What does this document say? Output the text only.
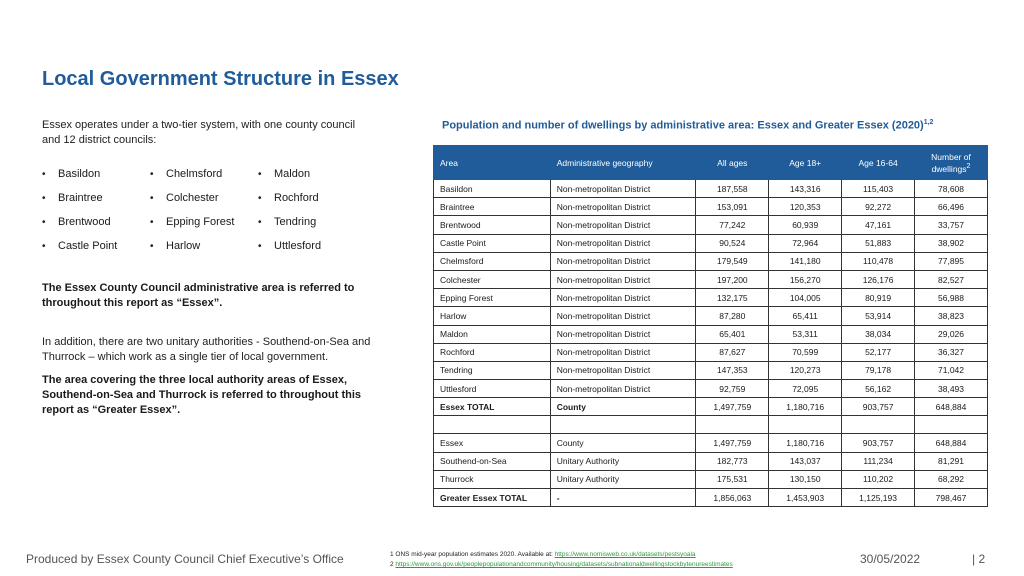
Local Government Structure in Essex
Essex operates under a two-tier system, with one county council and 12 district councils:
•	Basildon	•	Chelmsford	•	Maldon
•	Braintree	•	Colchester	•	Rochford
•	Brentwood	•	Epping Forest •	Tendring
•	Castle Point	•	Harlow	•	Uttlesford
The Essex County Council administrative area is referred to throughout this report as “Essex”.
In addition, there are two unitary authorities - Southend-on-Sea and Thurrock – which work as a single tier of local government.
The area covering the three local authority areas of Essex, Southend-on-Sea and Thurrock is referred to throughout this report as “Greater Essex”.
Population and number of dwellings by administrative area: Essex and Greater Essex $(2020)^{1,2}$
Area	Administrative geography	All ages	Age 18+	Age 16-64	Number of dwellings$^2$
Basildon	Non-metropolitan District	187,558	143,316	115,403	78,608
Braintree	Non-metropolitan District	153,091	120,353	92,272	66,496
Brentwood	Non-metropolitan District	77,242	60,939	47,161	33,757
Castle Point	Non-metropolitan District	90,524	72,964	51,883	38,902
Chelmsford	Non-metropolitan District	179,549	141,180	110,478	77,895
Colchester	Non-metropolitan District	197,200	156,270	126,176	82,527
Epping Forest	Non-metropolitan District	132,175	104,005	80,919	56,988
Harlow	Non-metropolitan District	87,280	65,411	53,914	38,823
Maldon	Non-metropolitan District	65,401	53,311	38,034	29,026
Rochford	Non-metropolitan District	87,627	70,599	52,177	36,327
Tendring	Non-metropolitan District	147,353	120,273	79,178	71,042
Uttlesford	Non-metropolitan District	92,759	72,095	56,162	38,493
Essex TOTAL	County	1,497,759	1,180,716	903,757	648,884

Essex	County	1,497,759	1,180,716	903,757	648,884
Southend-on-Sea	Unitary Authority	182,773	143,037	111,234	81,291
Thurrock	Unitary Authority	175,531	130,150	110,202	68,292
Greater Essex TOTAL	-	1,856,063	1,453,903	1,125,193	798,467
Produced by Essex County Council Chief Executive’s Office	1 ONS mid-year population estimates 2020. Available at: https://www.nomisweb.co.uk/datasets/pestsyoala
2 https://www.ons.gov.uk/peoplepopulationandcommunity/housing/datasets/subnationaldwellingstockbytenureestimates	30/05/2022	| 2
